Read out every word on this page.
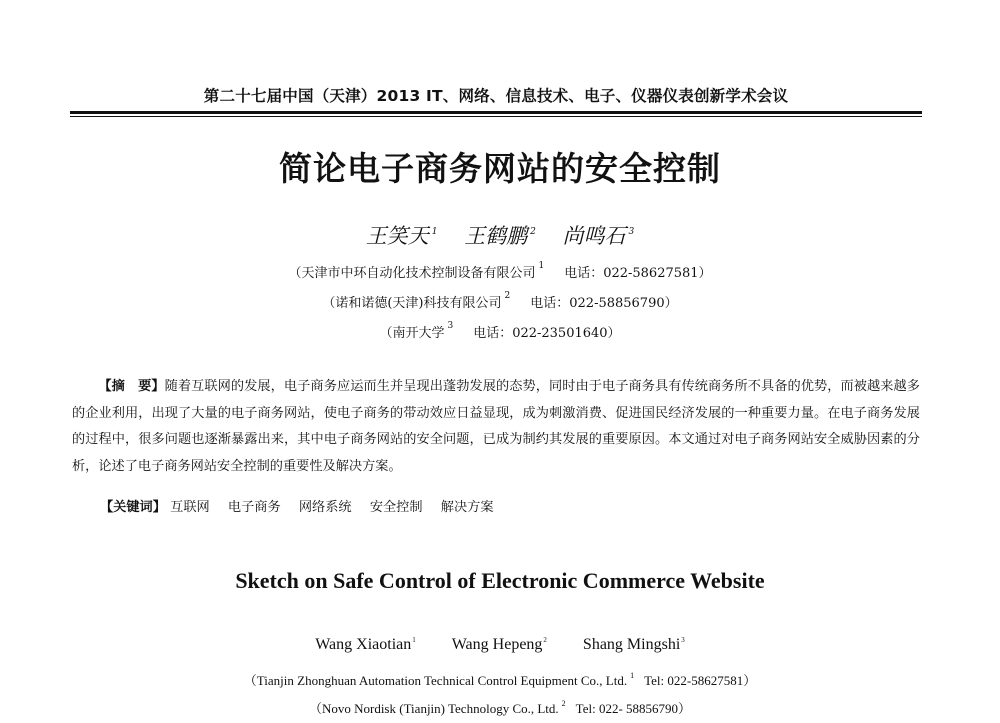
第二十七届中国（天津）2013 IT、网络、信息技术、电子、仪器仪表创新学术会议
简论电子商务网站的安全控制
王笑天 $^1$ 王鹤鹏 $^2$ 尚鸣石 $^3$
（天津市中环自动化技术控制设备有限公司 $^1$ 电话：022-58627581）
（诺和诺德(天津)科技有限公司 $^2$ 电话：022-58856790）
（南开大学 $^3$ 电话：022-23501640）
【摘　要】随着互联网的发展，电子商务应运而生并呈现出蓬勃发展的态势，同时由于电子商务具有传统商务所不具备的优势，而被越来越多的企业利用，出现了大量的电子商务网站，使电子商务的带动效应日益显现，成为刺激消费、促进国民经济发展的一种重要力量。在电子商务发展的过程中，很多问题也逐渐暴露出来，其中电子商务网站的安全问题，已成为制约其发展的重要原因。本文通过对电子商务网站安全威胁因素的分析，论述了电子商务网站安全控制的重要性及解决方案。
【关键词】 互联网 电子商务 网络系统 安全控制 解决方案
Sketch on Safe Control of Electronic Commerce Website
Wang Xiaotian$^1$ Wang Hepeng$^2$ Shang Mingshi$^3$
（Tianjin Zhonghuan Automation Technical Control Equipment Co., Ltd. $^1$ Tel: 022-58627581）
（Novo Nordisk (Tianjin) Technology Co., Ltd. $^2$ Tel: 022- 58856790）
